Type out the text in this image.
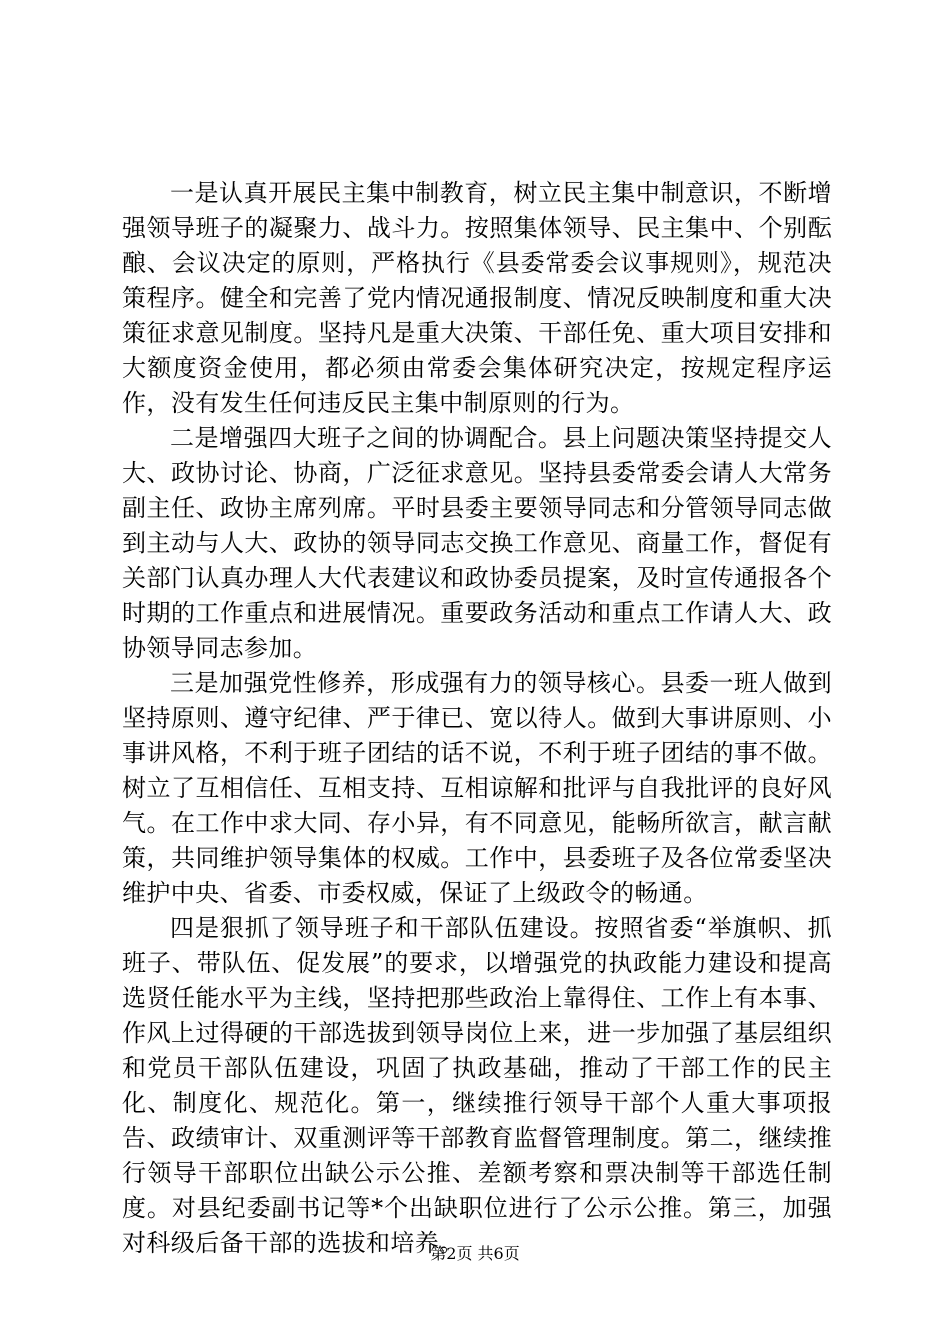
一是认真开展民主集中制教育，树立民主集中制意识，不断增强领导班子的凝聚力、战斗力。按照集体领导、民主集中、个别酝酿、会议决定的原则，严格执行《县委常委会议事规则》，规范决策程序。健全和完善了党内情况通报制度、情况反映制度和重大决策征求意见制度。坚持凡是重大决策、干部任免、重大项目安排和大额度资金使用，都必须由常委会集体研究决定，按规定程序运作，没有发生任何违反民主集中制原则的行为。

二是增强四大班子之间的协调配合。县上问题决策坚持提交人大、政协讨论、协商，广泛征求意见。坚持县委常委会请人大常务副主任、政协主席列席。平时县委主要领导同志和分管领导同志做到主动与人大、政协的领导同志交换工作意见、商量工作，督促有关部门认真办理人大代表建议和政协委员提案，及时宣传通报各个时期的工作重点和进展情况。重要政务活动和重点工作请人大、政协领导同志参加。

三是加强党性修养，形成强有力的领导核心。县委一班人做到坚持原则、遵守纪律、严于律已、宽以待人。做到大事讲原则、小事讲风格，不利于班子团结的话不说，不利于班子团结的事不做。树立了互相信任、互相支持、互相谅解和批评与自我批评的良好风气。在工作中求大同、存小异，有不同意见，能畅所欲言，献言献策，共同维护领导集体的权威。工作中，县委班子及各位常委坚决维护中央、省委、市委权威，保证了上级政令的畅通。

四是狠抓了领导班子和干部队伍建设。按照省委“举旗帜、抓班子、带队伍、促发展”的要求，以增强党的执政能力建设和提高选贤任能水平为主线，坚持把那些政治上靠得住、工作上有本事、作风上过得硬的干部选拔到领导岗位上来，进一步加强了基层组织和党员干部队伍建设，巩固了执政基础，推动了干部工作的民主化、制度化、规范化。第一，继续推行领导干部个人重大事项报告、政绩审计、双重测评等干部教育监督管理制度。第二，继续推行领导干部职位出缺公示公推、差额考察和票决制等干部选任制度。对县纪委副书记等*个出缺职位进行了公示公推。第三，加强对科级后备干部的选拔和培养。

第2页 共6页
